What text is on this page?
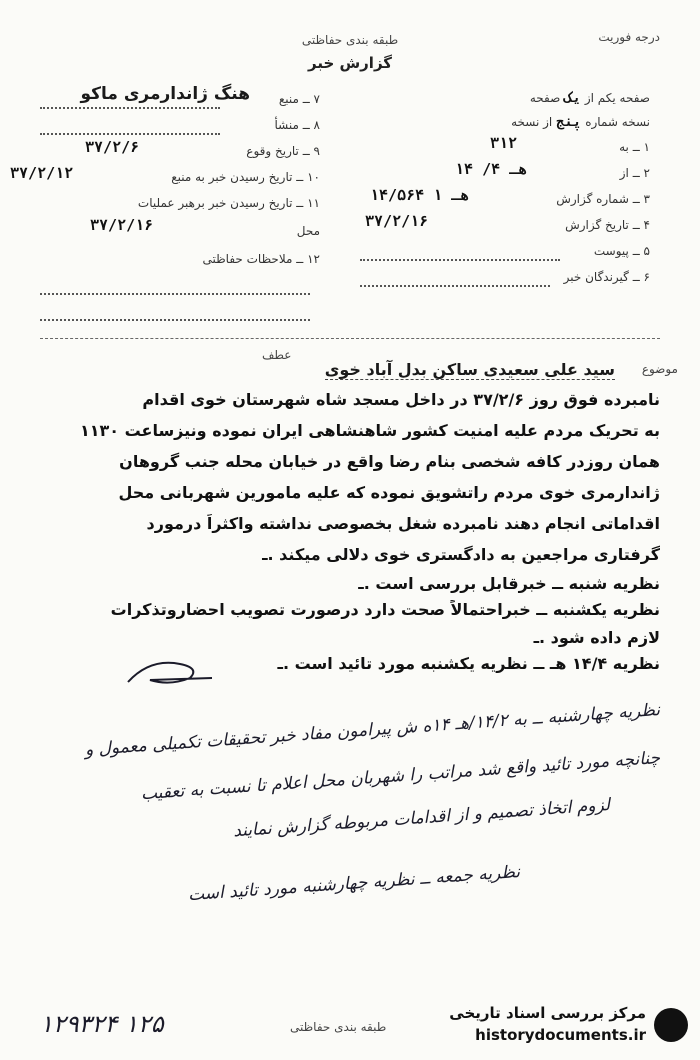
درجه فوریت
طبقه بندی حفاظتی
گزارش خبر
هنگ ژاندارمری ماکو ۷ ــ منبع
۸ ــ منشأ
۹ ــ تاریخ وقوع
۳۷/۲/۶
۱۰ ــ تاریخ رسیدن خبر به منبع
۳۷/۲/۱۲
۱۱ ــ تاریخ رسیدن خبر برهبر عملیات
محل
۳۷/۲/۱۶
۱۲ ــ ملاحظات حفاظتی
صفحه یکم از یک صفحه
نسخه شماره پنج از نسخه
۱ ــ به
۳۱۲
۲ ــ از
۱۴ /۴ هـ
۳ ــ شماره گزارش
۱۴/۵۶۴ هـ ۱
۴ ــ تاریخ گزارش
۳۷/۲/۱۶
۵ ــ پیوست
۶ ــ گیرندگان خبر
موضوع
عطف
سید علی سعیدی ساکن بدل آباد خوی
نامبرده فوق روز ۳۷/۲/۶ در داخل مسجد شاه شهرستان خوی اقدام
به تحریک مردم علیه امنیت کشور شاهنشاهی ایران نموده ونیزساعت ۱۱۳۰
همان روزدر کافه شخصی بنام رضا واقع در خیابان محله جنب گروهان
ژاندارمری خوی مردم راتشویق نموده که علیه مامورین شهربانی محل
اقداماتی انجام دهند نامبرده شغل بخصوصی نداشته واکثراً درمورد
گرفتاری مراجعین به دادگستری خوی دلالی میکند .ـ
نظریه شنبه ــ خبرقابل بررسی است .ـ
نظریه یکشنبه ــ خبراحتمالاً صحت دارد درصورت تصویب احضاروتذکرات
لازم داده شود .ـ
نظریه ۱۴/۴ هـ ــ نظریه یکشنبه مورد تائید است .ـ
نظریه چهارشنبه ــ به ۱۴/۲/هـ ۱۴ه ش پیرامون مفاد خبر تحقیقات تکمیلی معمول و
چنانچه مورد تائید واقع شد مراتب را شهربان محل اعلام تا نسبت به تعقیب
لزوم اتخاذ تصمیم و از اقدامات مربوطه گزارش نمایند
نظریه جمعه ــ نظریه چهارشنبه مورد تائید است
۱۲۹۳۲۴ ۱۲۵	طبقه بندی حفاظتی
مرکز بررسی اسناد تاریخی
historydocuments.ir
